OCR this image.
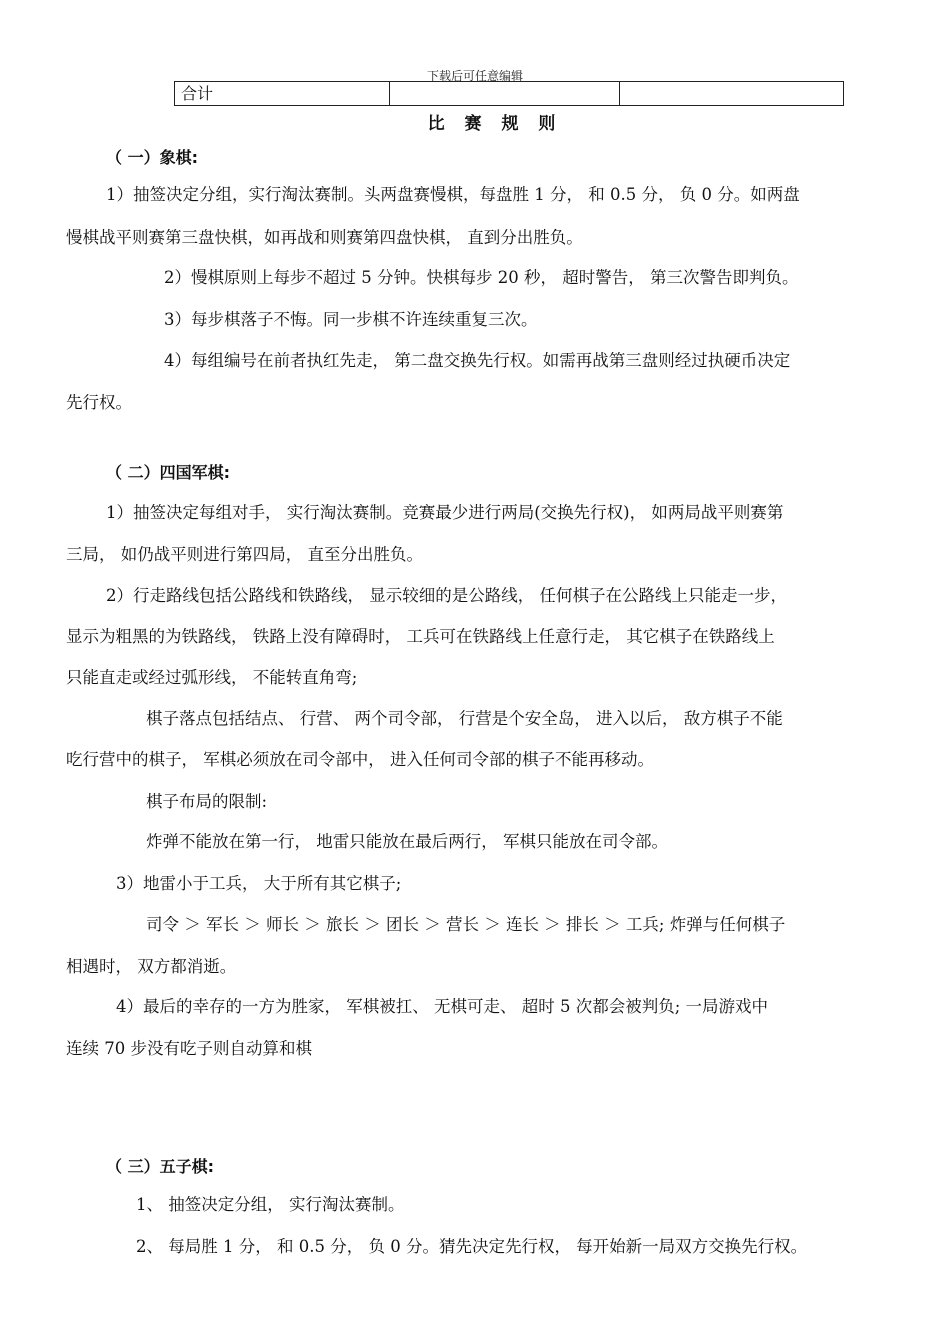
下载后可任意编辑
合计		
比 赛 规 则
（ 一）象棋:
1）抽签决定分组，实行淘汰赛制。头两盘赛慢棋，每盘胜 1 分， 和 0.5 分， 负 0 分。如两盘
慢棋战平则赛第三盘快棋，如再战和则赛第四盘快棋， 直到分出胜负。
2）慢棋原则上每步不超过 5 分钟。快棋每步 20 秒， 超时警告， 第三次警告即判负。
3）每步棋落子不悔。同一步棋不许连续重复三次。
4）每组编号在前者执红先走， 第二盘交换先行权。如需再战第三盘则经过执硬币决定
先行权。
（ 二）四国军棋:
1）抽签决定每组对手， 实行淘汰赛制。竞赛最少进行两局(交换先行权)， 如两局战平则赛第
三局， 如仍战平则进行第四局， 直至分出胜负。
2）行走路线包括公路线和铁路线， 显示较细的是公路线， 任何棋子在公路线上只能走一步，
显示为粗黑的为铁路线， 铁路上没有障碍时， 工兵可在铁路线上任意行走， 其它棋子在铁路线上
只能直走或经过弧形线， 不能转直角弯;
棋子落点包括结点、 行营、 两个司令部， 行营是个安全岛， 进入以后， 敌方棋子不能
吃行营中的棋子， 军棋必须放在司令部中， 进入任何司令部的棋子不能再移动。
棋子布局的限制:
炸弹不能放在第一行， 地雷只能放在最后两行， 军棋只能放在司令部。
3）地雷小于工兵， 大于所有其它棋子;
司令 ＞ 军长 ＞ 师长 ＞ 旅长 ＞ 团长 ＞ 营长 ＞ 连长 ＞ 排长 ＞ 工兵; 炸弹与任何棋子
相遇时， 双方都消逝。
4）最后的幸存的一方为胜家， 军棋被扛、 无棋可走、 超时 5 次都会被判负; 一局游戏中
连续 70 步没有吃子则自动算和棋
（ 三）五子棋:
1、 抽签决定分组， 实行淘汰赛制。
2、 每局胜 1 分， 和 0.5 分， 负 0 分。猜先决定先行权， 每开始新一局双方交换先行权。
